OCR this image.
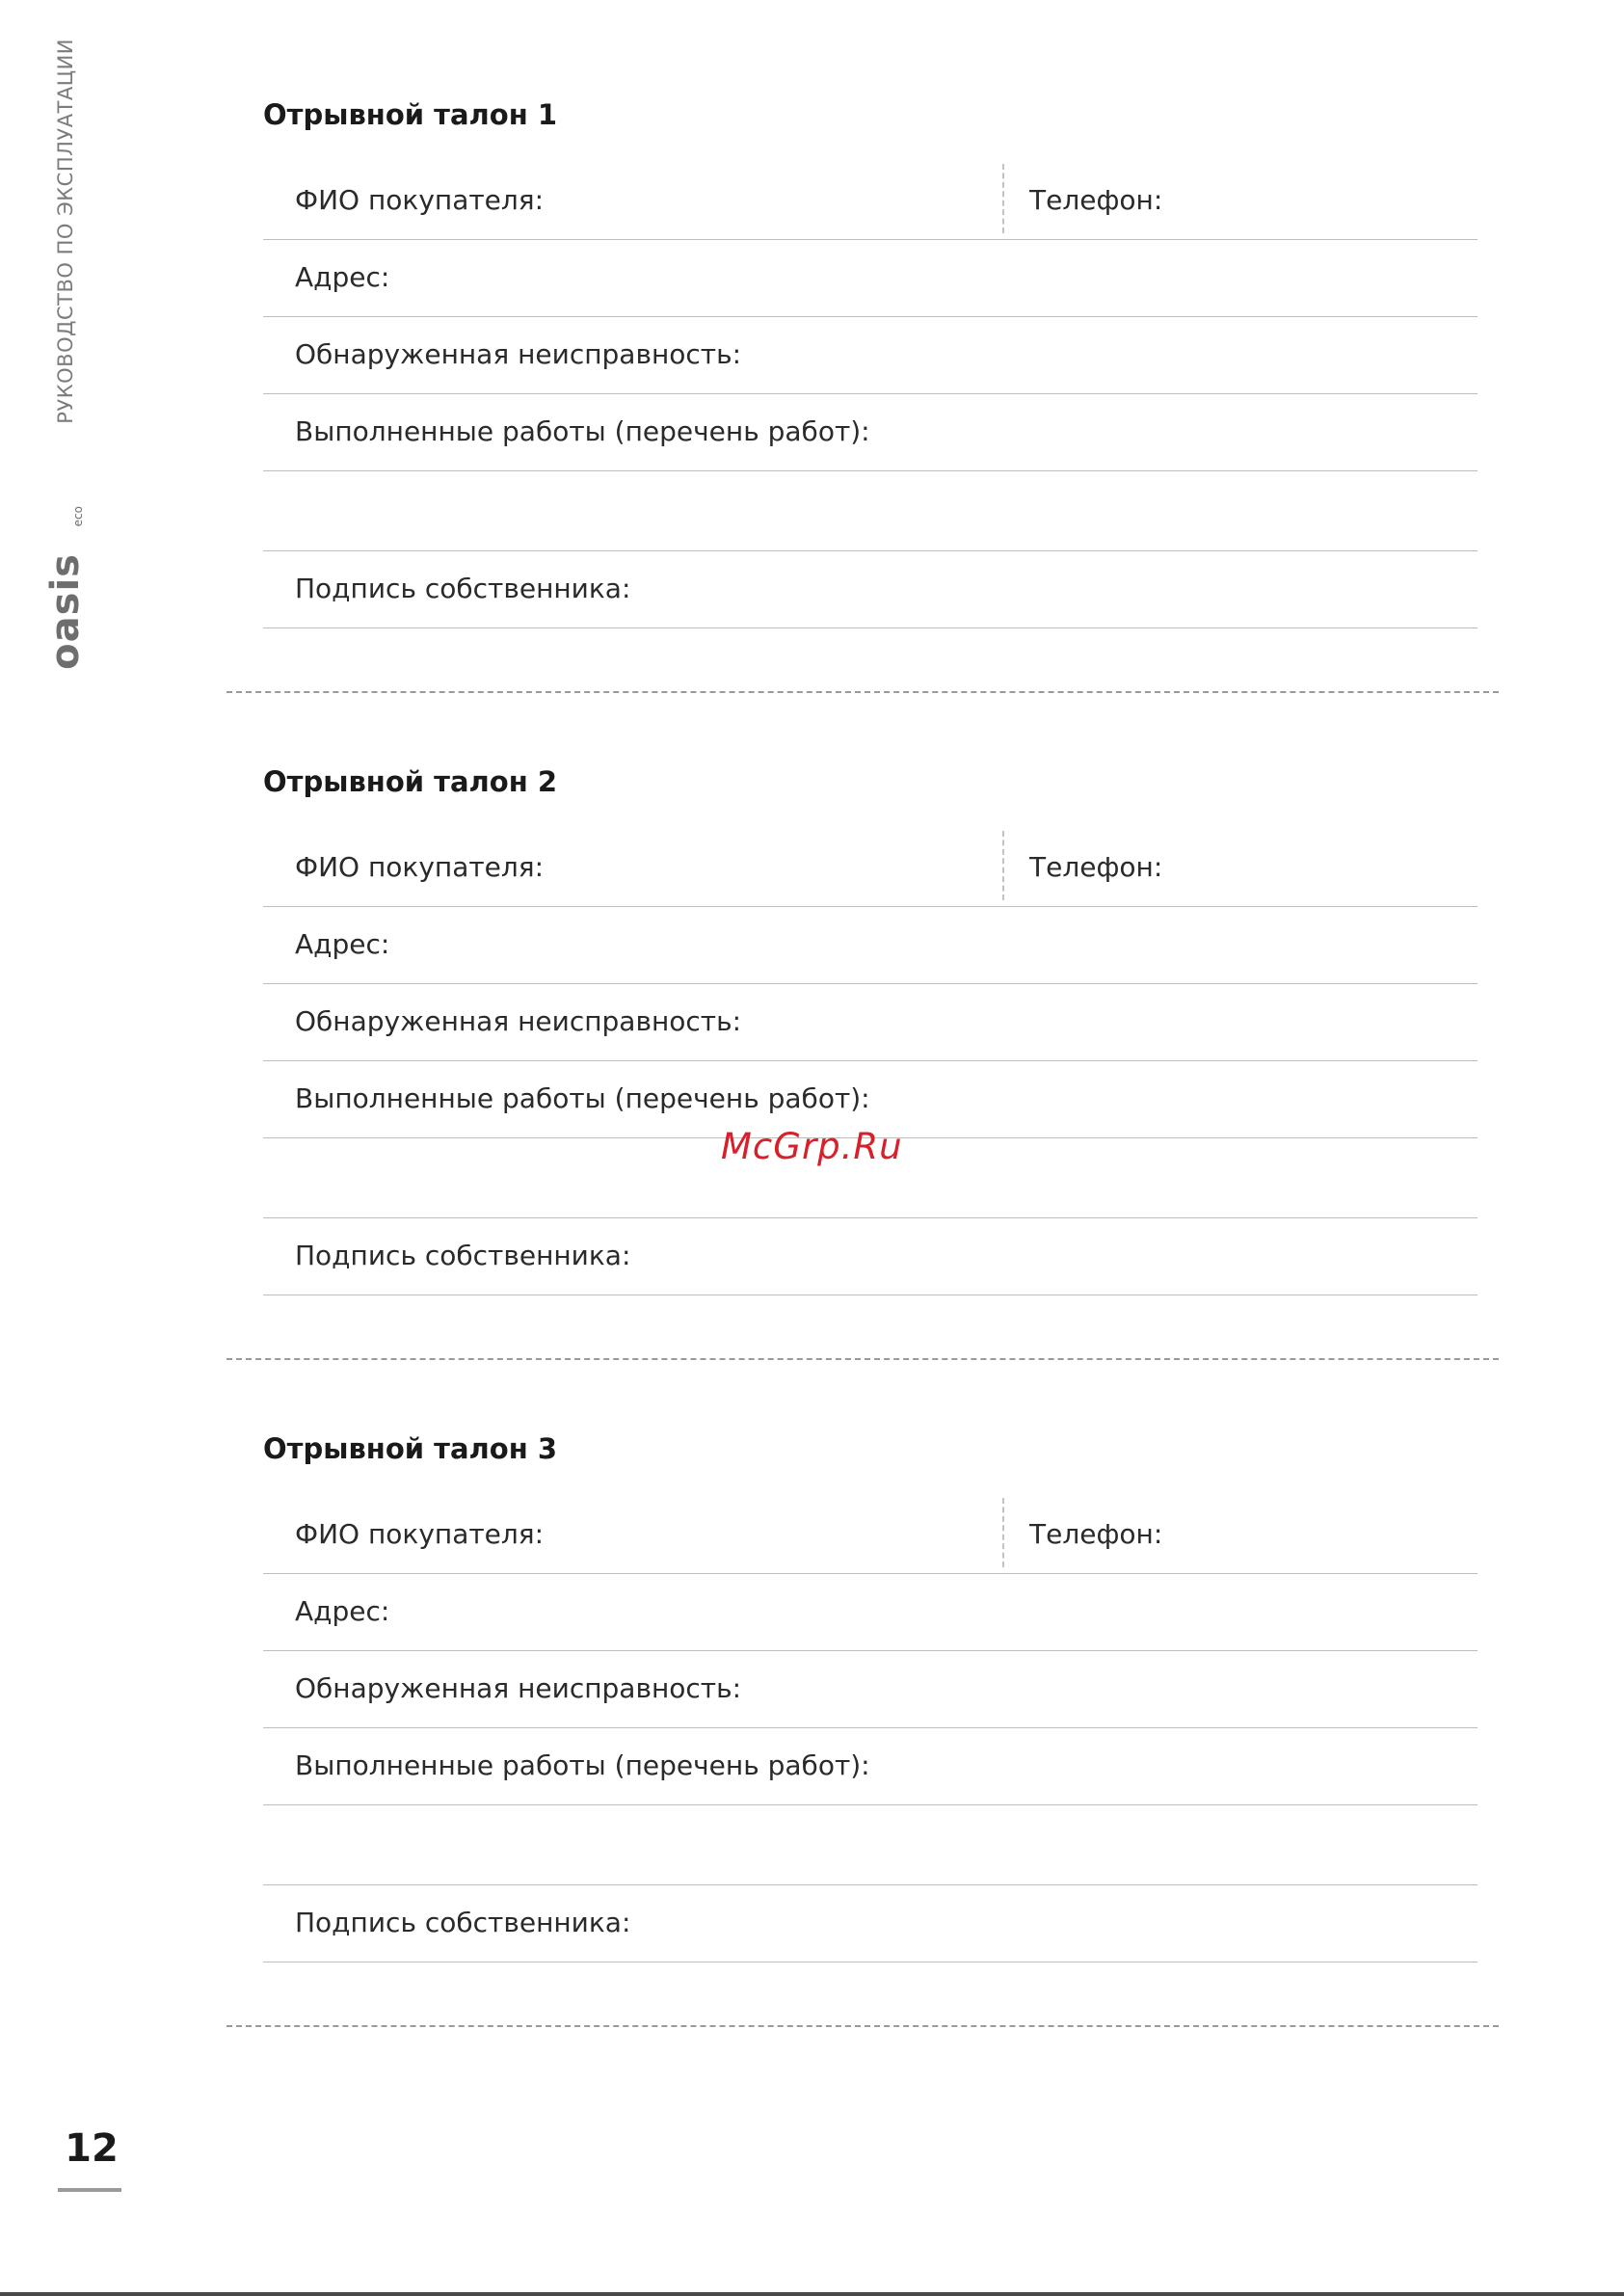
РУКОВОДСТВО ПО ЭКСПЛУАТАЦИИ
oasis
eco
Отрывной талон 1
ФИО покупателя:	Телефон:
Адрес:
Обнаруженная неисправность:
Выполненные работы (перечень работ):
Подпись собственника:
Отрывной талон 2
ФИО покупателя:	Телефон:
Адрес:
Обнаруженная неисправность:
Выполненные работы (перечень работ):
Подпись собственника:
Отрывной талон 3
ФИО покупателя:	Телефон:
Адрес:
Обнаруженная неисправность:
Выполненные работы (перечень работ):
Подпись собственника:
McGrp.Ru
12
